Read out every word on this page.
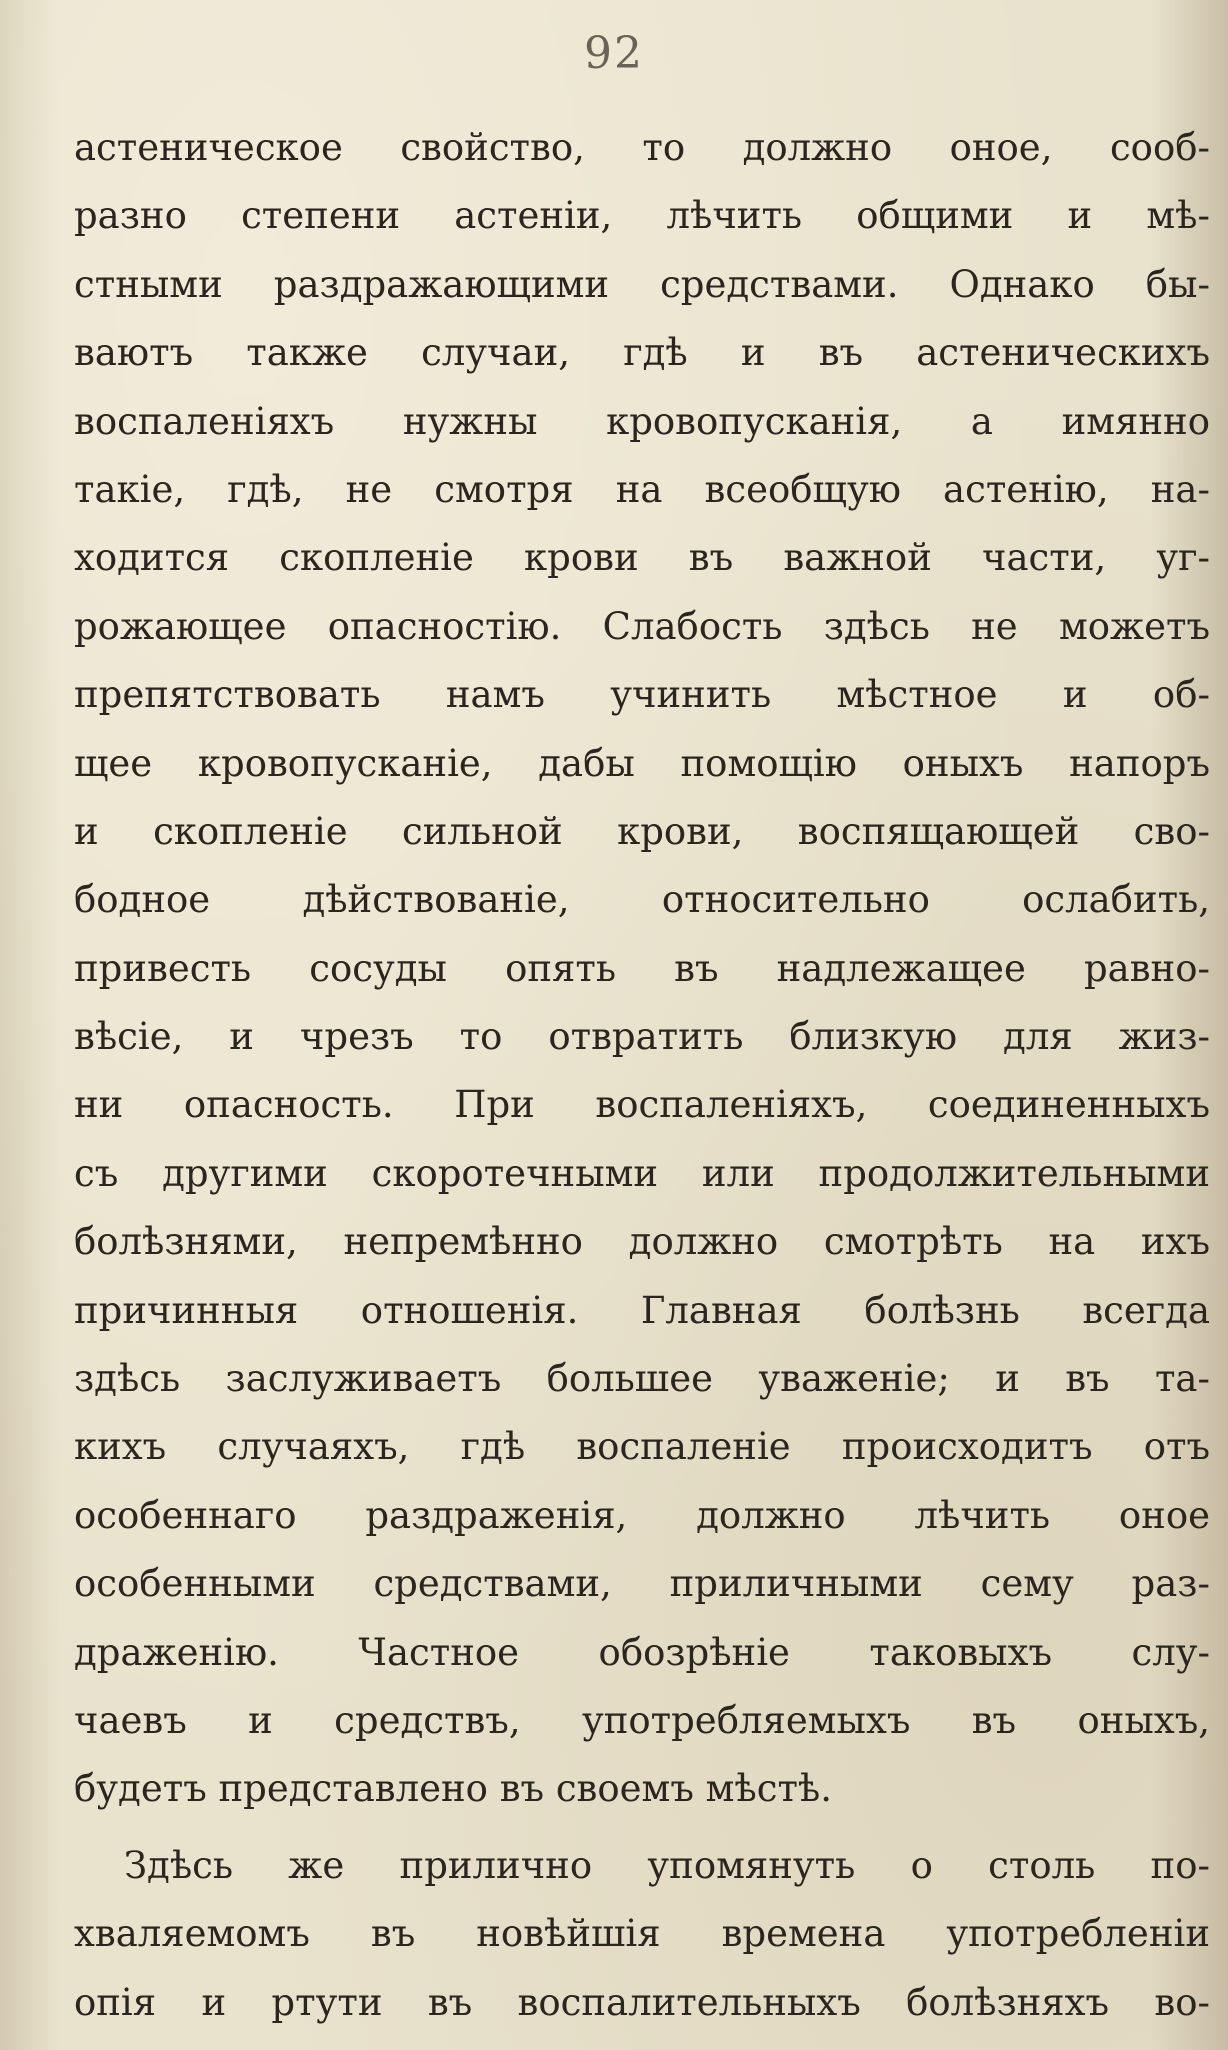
92
астеническое свойство, то должно оное, сооб-
разно степени астеніи, лѣчить общими и мѣ-
стными раздражающими средствами. Однако бы-
ваютъ также случаи, гдѣ и въ астеническихъ
воспаленіяхъ нужны кровопусканія, а имянно
такіе, гдѣ, не смотря на всеобщую астенію, на-
ходится скопленіе крови въ важной части, уг-
рожающее опасностію. Слабость здѣсь не можетъ
препятствовать намъ учинить мѣстное и об-
щее кровопусканіе, дабы помощію оныхъ напоръ
и скопленіе сильной крови, воспящающей сво-
бодное дѣйствованіе, относительно ослабить,
привесть сосуды опять въ надлежащее равно-
вѣсіе, и чрезъ то отвратить близкую для жиз-
ни опасность. При воспаленіяхъ, соединенныхъ
съ другими скоротечными или продолжительными
болѣзнями, непремѣнно должно смотрѣть на ихъ
причинныя отношенія. Главная болѣзнь всегда
здѣсь заслуживаетъ большее уваженіе; и въ та-
кихъ случаяхъ, гдѣ воспаленіе происходитъ отъ
особеннаго раздраженія, должно лѣчить оное
особенными средствами, приличными сему раз-
драженію. Частное обозрѣніе таковыхъ слу-
чаевъ и средствъ, употребляемыхъ въ оныхъ,
будетъ представлено въ своемъ мѣстѣ.
Здѣсь же прилично упомянуть о столь по-
хваляемомъ въ новѣйшія времена употребленіи
опія и ртути въ воспалительныхъ болѣзняхъ во-
